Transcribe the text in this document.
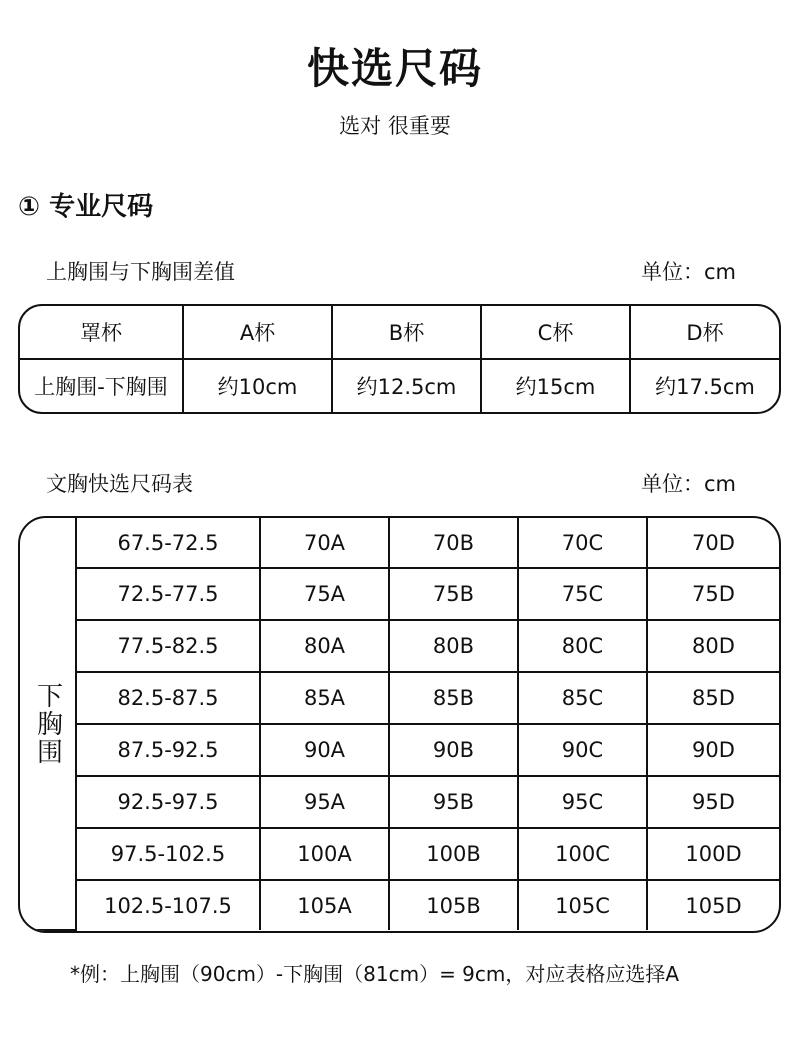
快选尺码
选对 很重要
① 专业尺码
上胸围与下胸围差值	单位：cm
罩杯	A杯	B杯	C杯	D杯
上胸围-下胸围	约10cm	约12.5cm	约15cm	约17.5cm
文胸快选尺码表	单位：cm
下胸围	67.5-72.5	70A	70B	70C	70D
	72.5-77.5	75A	75B	75C	75D
	77.5-82.5	80A	80B	80C	80D
	82.5-87.5	85A	85B	85C	85D
	87.5-92.5	90A	90B	90C	90D
	92.5-97.5	95A	95B	95C	95D
	97.5-102.5	100A	100B	100C	100D
	102.5-107.5	105A	105B	105C	105D
*例：上胸围（90cm）-下胸围（81cm）= 9cm，对应表格应选择A
